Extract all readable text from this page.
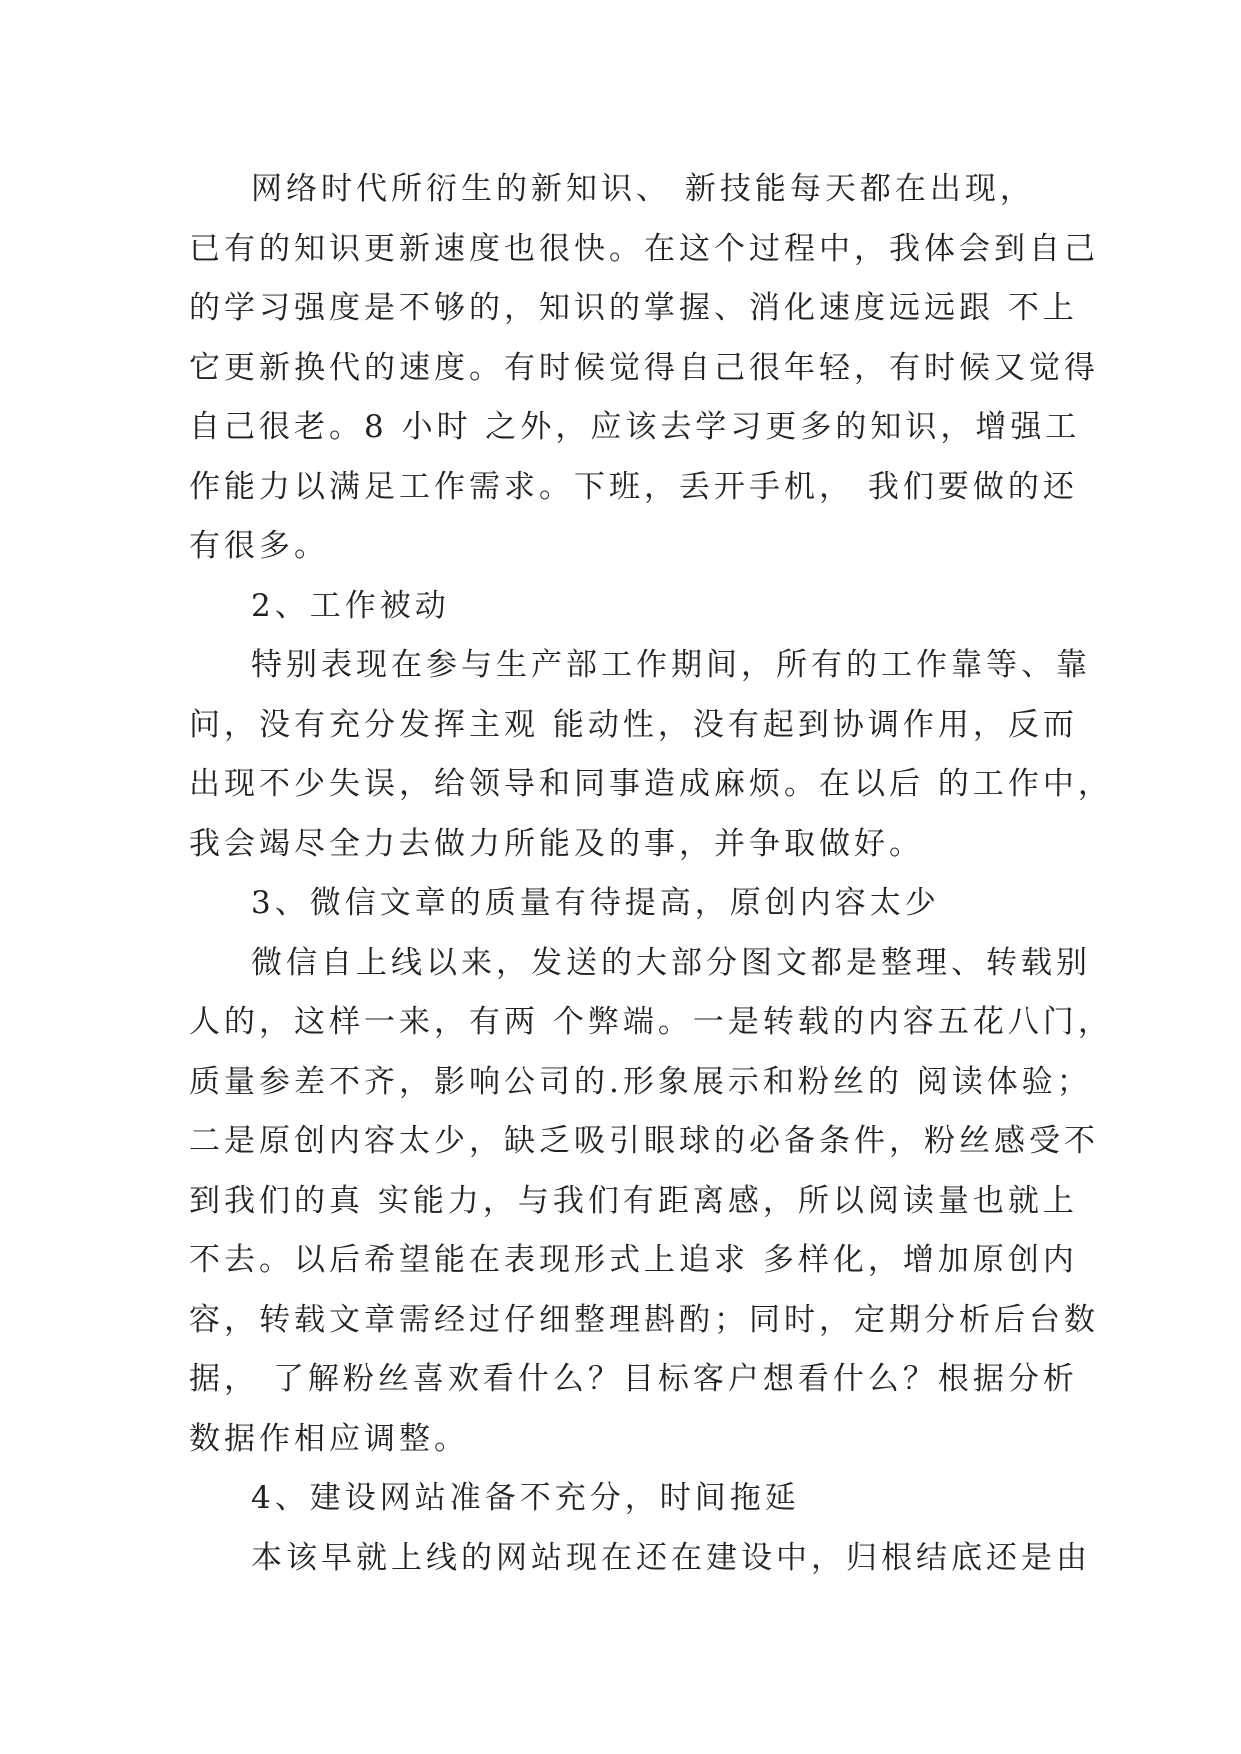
网络时代所衍生的新知识、 新技能每天都在出现，
已有的知识更新速度也很快。在这个过程中，我体会到自己
的学习强度是不够的，知识的掌握、消化速度远远跟 不上
它更新换代的速度。有时候觉得自己很年轻，有时候又觉得
自己很老。8 小时 之外，应该去学习更多的知识，增强工
作能力以满足工作需求。下班，丢开手机， 我们要做的还
有很多。

2、工作被动

特别表现在参与生产部工作期间，所有的工作靠等、靠
问，没有充分发挥主观 能动性，没有起到协调作用，反而
出现不少失误，给领导和同事造成麻烦。在以后 的工作中，
我会竭尽全力去做力所能及的事，并争取做好。

3、微信文章的质量有待提高，原创内容太少

微信自上线以来，发送的大部分图文都是整理、转载别
人的，这样一来，有两 个弊端。一是转载的内容五花八门，
质量参差不齐，影响公司的.形象展示和粉丝的 阅读体验；
二是原创内容太少，缺乏吸引眼球的必备条件，粉丝感受不
到我们的真 实能力，与我们有距离感，所以阅读量也就上
不去。以后希望能在表现形式上追求 多样化，增加原创内
容，转载文章需经过仔细整理斟酌；同时，定期分析后台数
据， 了解粉丝喜欢看什么？目标客户想看什么？根据分析
数据作相应调整。

4、建设网站准备不充分，时间拖延

本该早就上线的网站现在还在建设中，归根结底还是由
